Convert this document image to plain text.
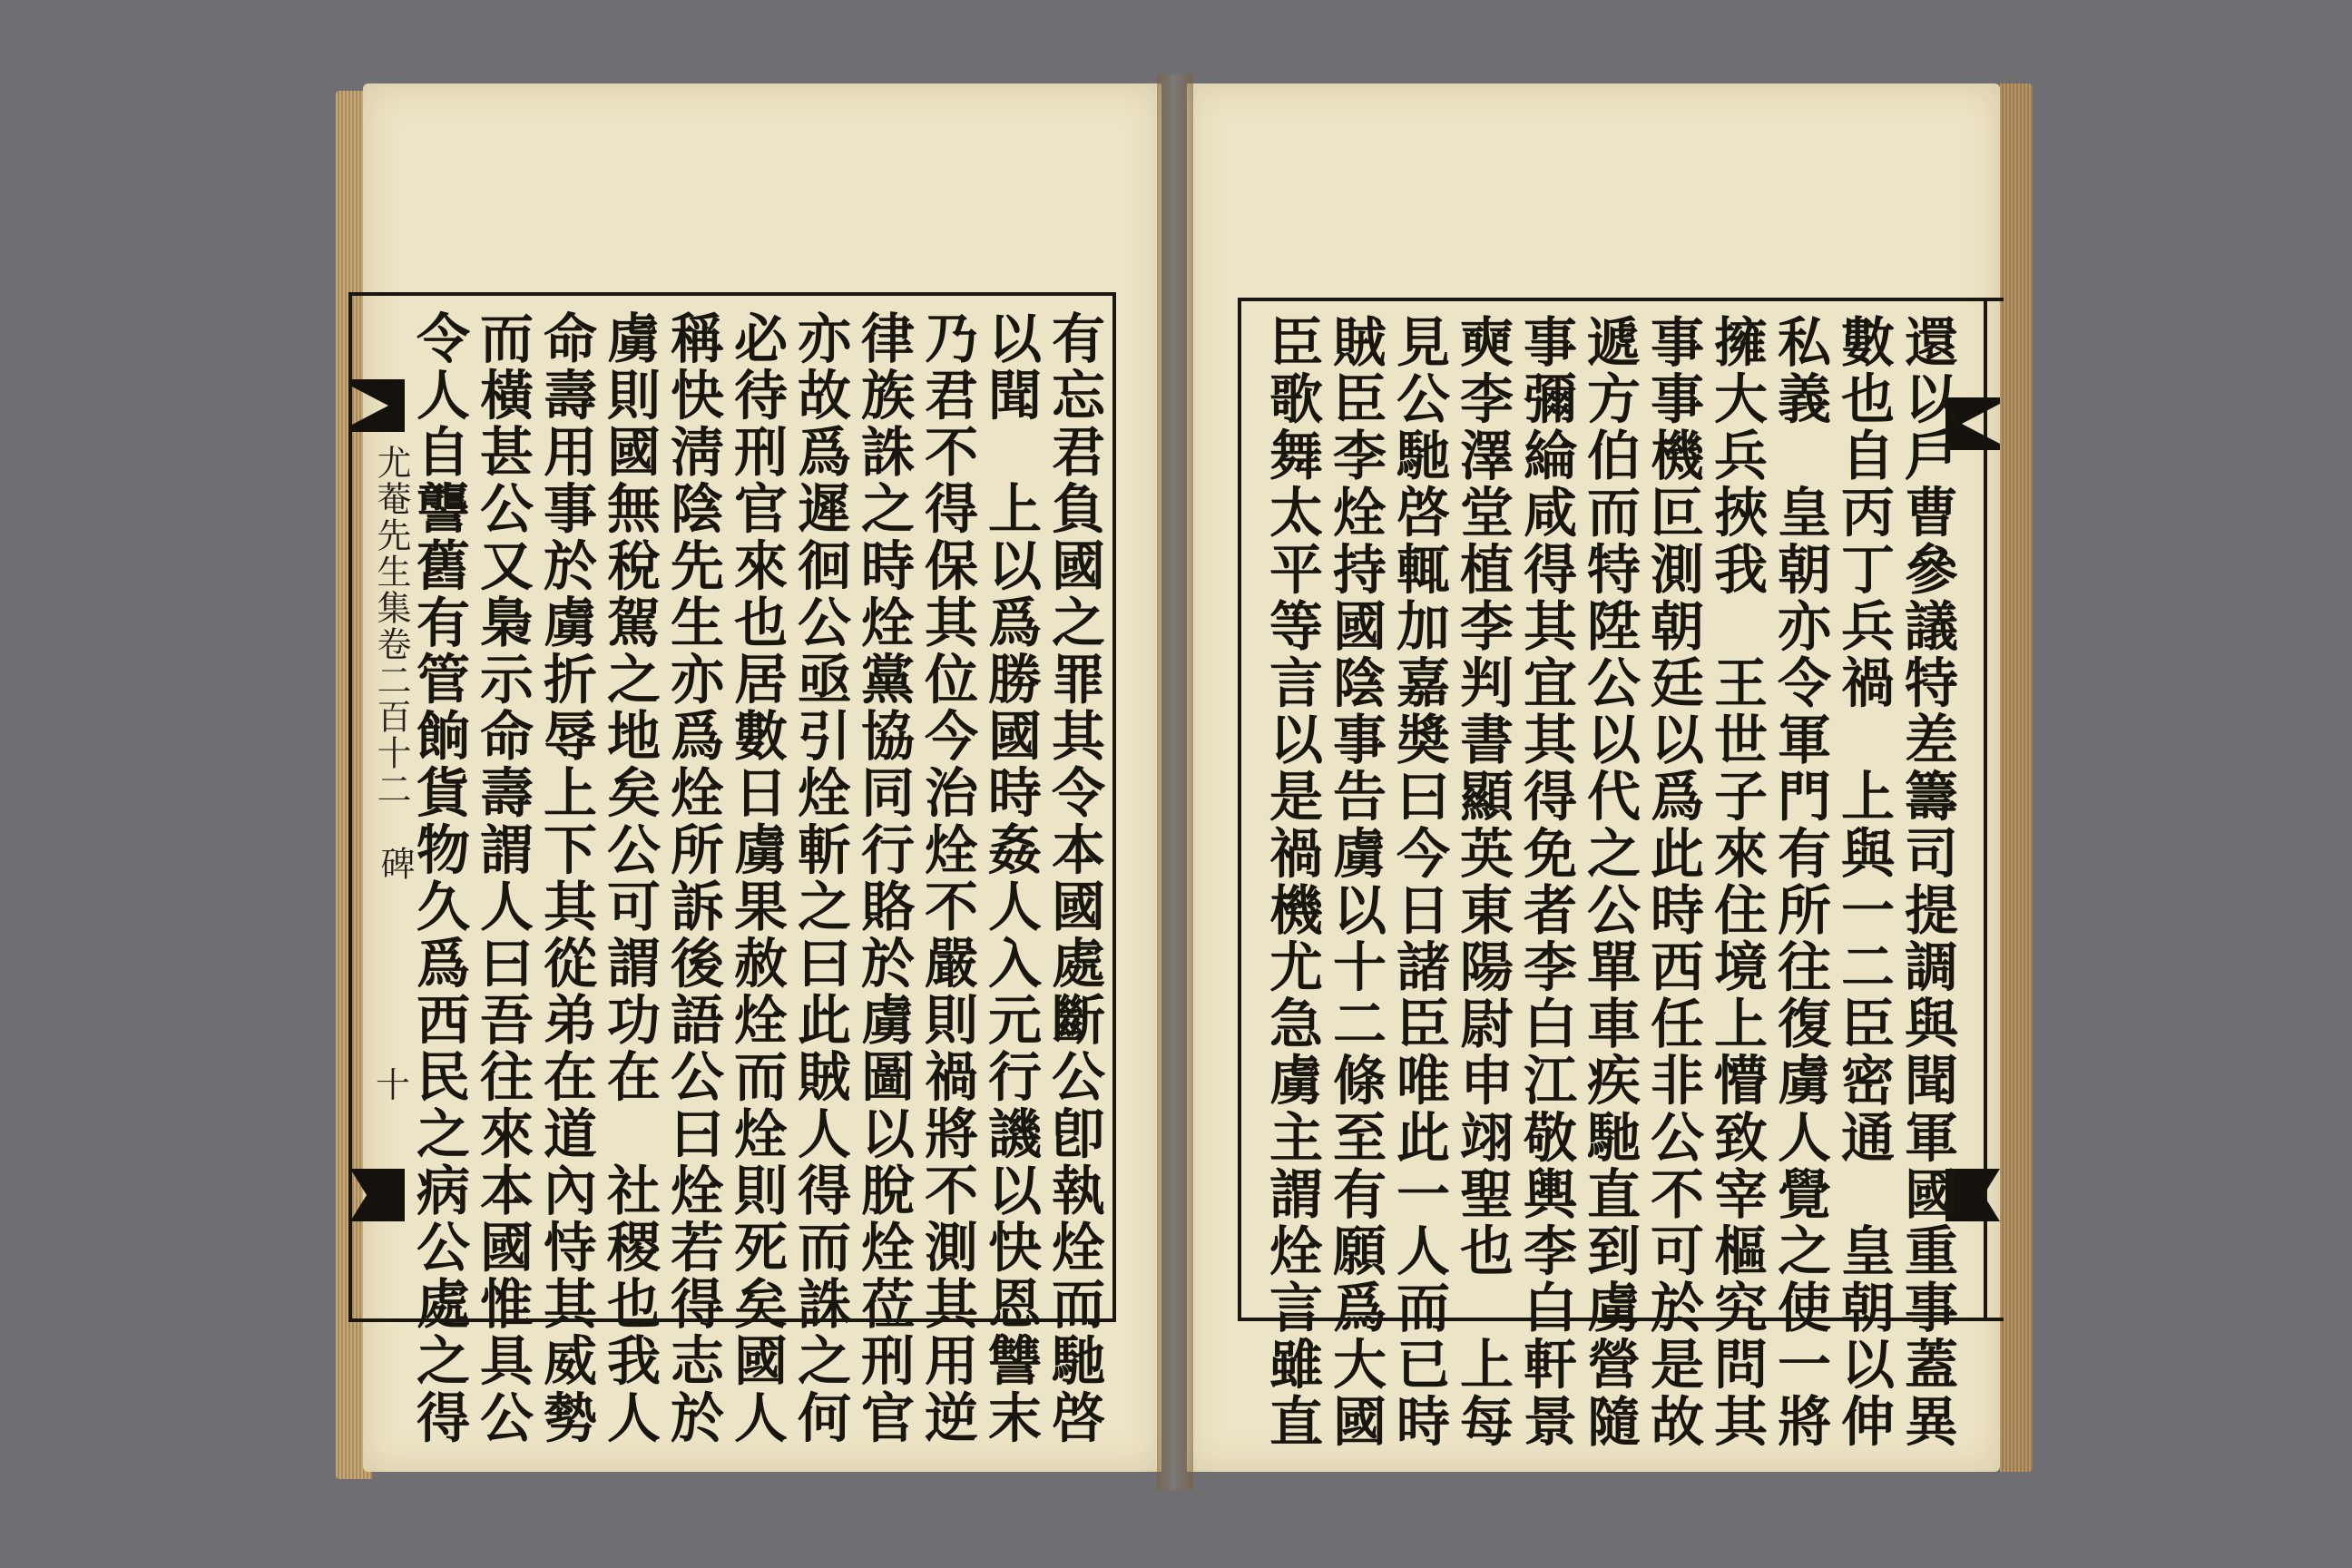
尤菴先生集卷二百十二
碑
十	有忘君負國之罪其令本國處斷公卽執烇而馳啓
以聞　上以爲勝國時姦人入元行譏以快恩讐末
乃君不得保其位今治烇不嚴則禍將不測其用逆
律族誅之時烇黨協同行賂於虜圖以脫烇莅刑官
亦故爲遲徊公亟引烇斬之曰此賊人得而誅之何
必待刑官來也居數日虜果赦烇而烇則死矣國人
稱快淸陰先生亦爲烇所訴後語公曰烇若得志於
虜則國無稅駕之地矣公可謂功在　社稷也我人
命壽用事於虜折辱上下其從弟在道內恃其威勢
而橫甚公又梟示命壽謂人曰吾往來本國惟具公
令人自讋舊有管餉貨物久爲西民之病公處之得	還以戶曹參議特差籌司提調與聞軍國重事蓋異
數也自丙丁兵禍　上與一二臣密通　皇朝以伸
私義　皇朝亦令軍門有所往復虜人覺之使一將
擁大兵挾我　王世子來住境上懵致宰樞究問其
事事機叵測朝廷以爲此時西任非公不可於是故
遞方伯而特陞公以代之公單車疾馳直到虜營隨
事彌綸咸得其宜其得免者李白江敬輿李白軒景
奭李澤堂植李判書顯英東陽尉申翊聖也　上每
見公馳啓輒加嘉奬曰今日諸臣唯此一人而已時
賊臣李烇持國陰事告虜以十二條至有願爲大國
臣歌舞太平等言以是禍機尤急虜主謂烇言雖直
